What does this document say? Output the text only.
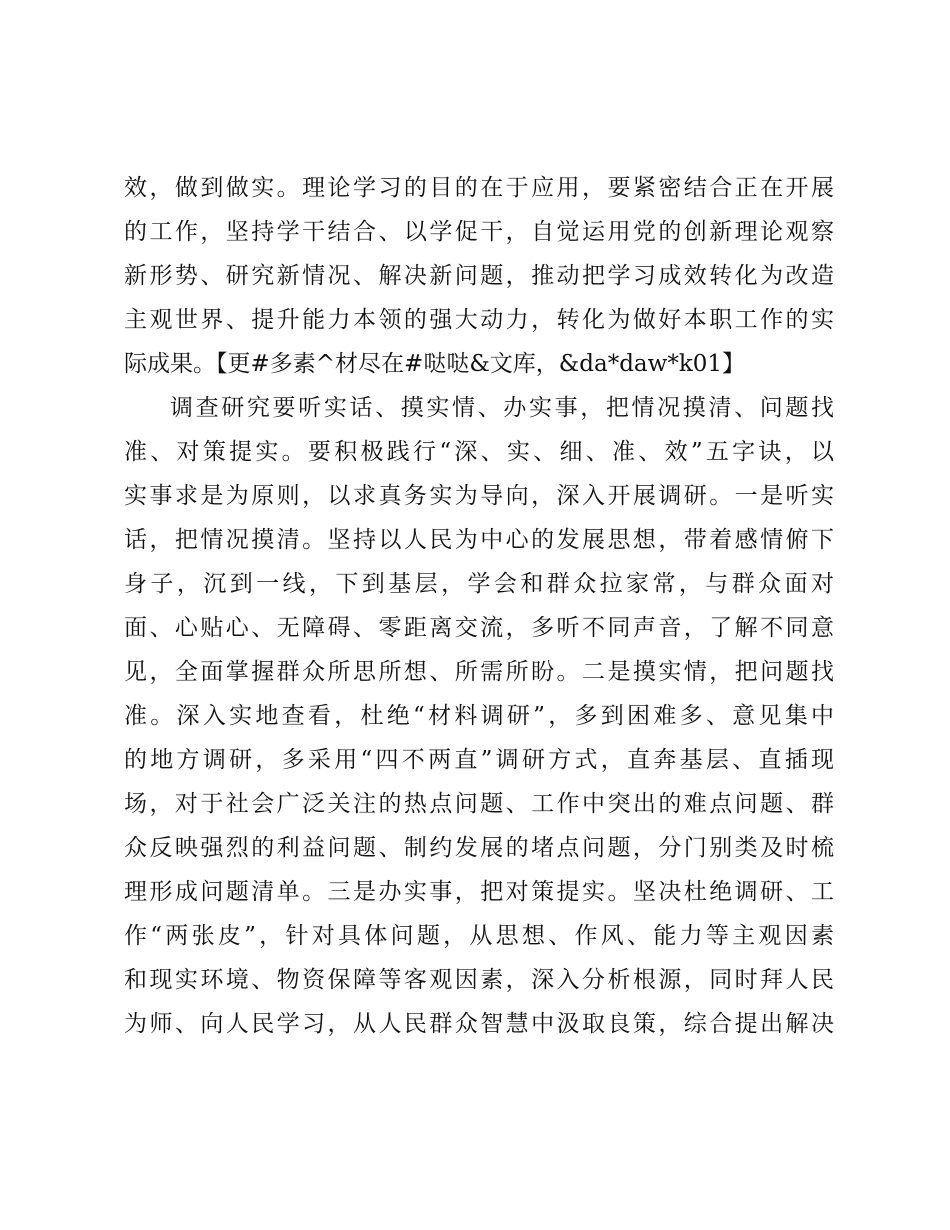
效，做到做实。理论学习的目的在于应用，要紧密结合正在开展
的工作，坚持学干结合、以学促干，自觉运用党的创新理论观察
新形势、研究新情况、解决新问题，推动把学习成效转化为改造
主观世界、提升能力本领的强大动力，转化为做好本职工作的实
际成果。【更#多素^材尽在#哒哒&文库，&da*daw*k01】
调查研究要听实话、摸实情、办实事，把情况摸清、问题找
准、对策提实。要积极践行“深、实、细、准、效”五字诀，以
实事求是为原则，以求真务实为导向，深入开展调研。一是听实
话，把情况摸清。坚持以人民为中心的发展思想，带着感情俯下
身子，沉到一线，下到基层，学会和群众拉家常，与群众面对
面、心贴心、无障碍、零距离交流，多听不同声音，了解不同意
见，全面掌握群众所思所想、所需所盼。二是摸实情，把问题找
准。深入实地查看，杜绝“材料调研”，多到困难多、意见集中
的地方调研，多采用“四不两直”调研方式，直奔基层、直插现
场，对于社会广泛关注的热点问题、工作中突出的难点问题、群
众反映强烈的利益问题、制约发展的堵点问题，分门别类及时梳
理形成问题清单。三是办实事，把对策提实。坚决杜绝调研、工
作“两张皮”，针对具体问题，从思想、作风、能力等主观因素
和现实环境、物资保障等客观因素，深入分析根源，同时拜人民
为师、向人民学习，从人民群众智慧中汲取良策，综合提出解决
